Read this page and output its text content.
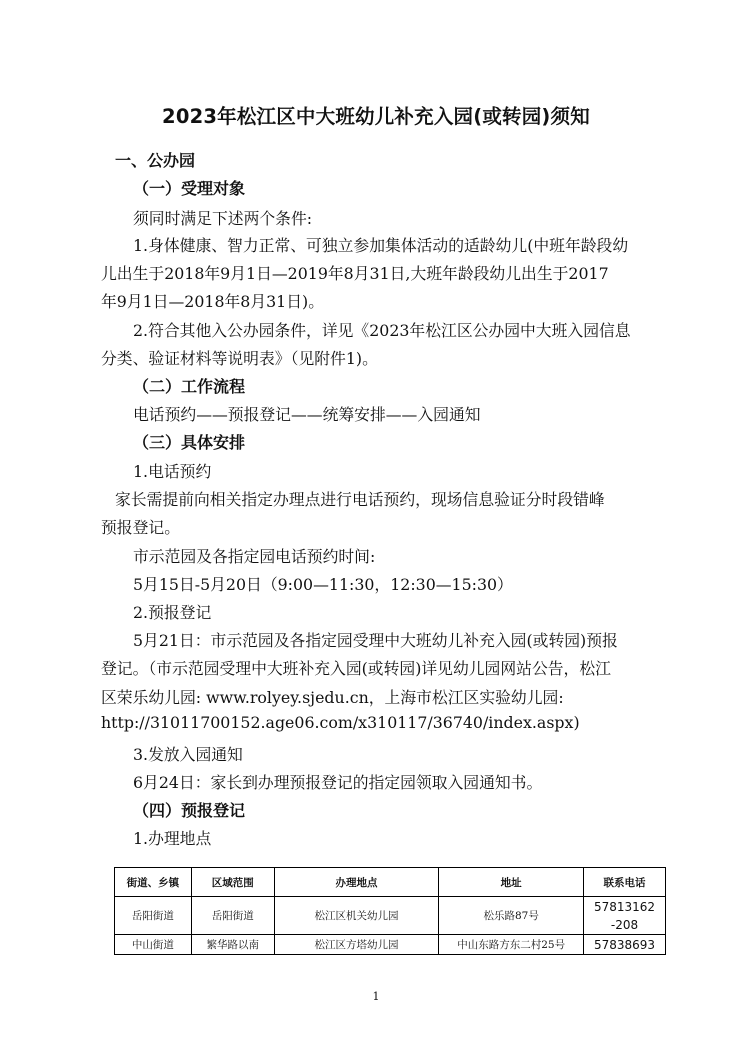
2023年松江区中大班幼儿补充入园(或转园)须知
一、公办园
（一）受理对象
须同时满足下述两个条件:
1.身体健康、智力正常、可独立参加集体活动的适龄幼儿(中班年龄段幼
儿出生于2018年9月1日—2019年8月31日,大班年龄段幼儿出生于2017
年9月1日—2018年8月31日)。
2.符合其他入公办园条件，详见《2023年松江区公办园中大班入园信息
分类、验证材料等说明表》（见附件1)。
（二）工作流程
电话预约——预报登记——统筹安排——入园通知
（三）具体安排
1.电话预约
家长需提前向相关指定办理点进行电话预约，现场信息验证分时段错峰
预报登记。
市示范园及各指定园电话预约时间:
5月15日-5月20日（9:00—11:30，12:30—15:30）
2.预报登记
5月21日：市示范园及各指定园受理中大班幼儿补充入园(或转园)预报
登记。（市示范园受理中大班补充入园(或转园)详见幼儿园网站公告，松江
区荣乐幼儿园: www.rolyey.sjedu.cn，上海市松江区实验幼儿园:
http://31011700152.age06.com/x310117/36740/index.aspx)
3.发放入园通知
6月24日：家长到办理预报登记的指定园领取入园通知书。
（四）预报登记
1.办理地点
街道、乡镇	区域范围	办理地点	地址	联系电话
岳阳街道	岳阳街道	松江区机关幼儿园	松乐路87号	57813162
-208
中山街道	繁华路以南	松江区方塔幼儿园	中山东路方东二村25号	57838693
1
